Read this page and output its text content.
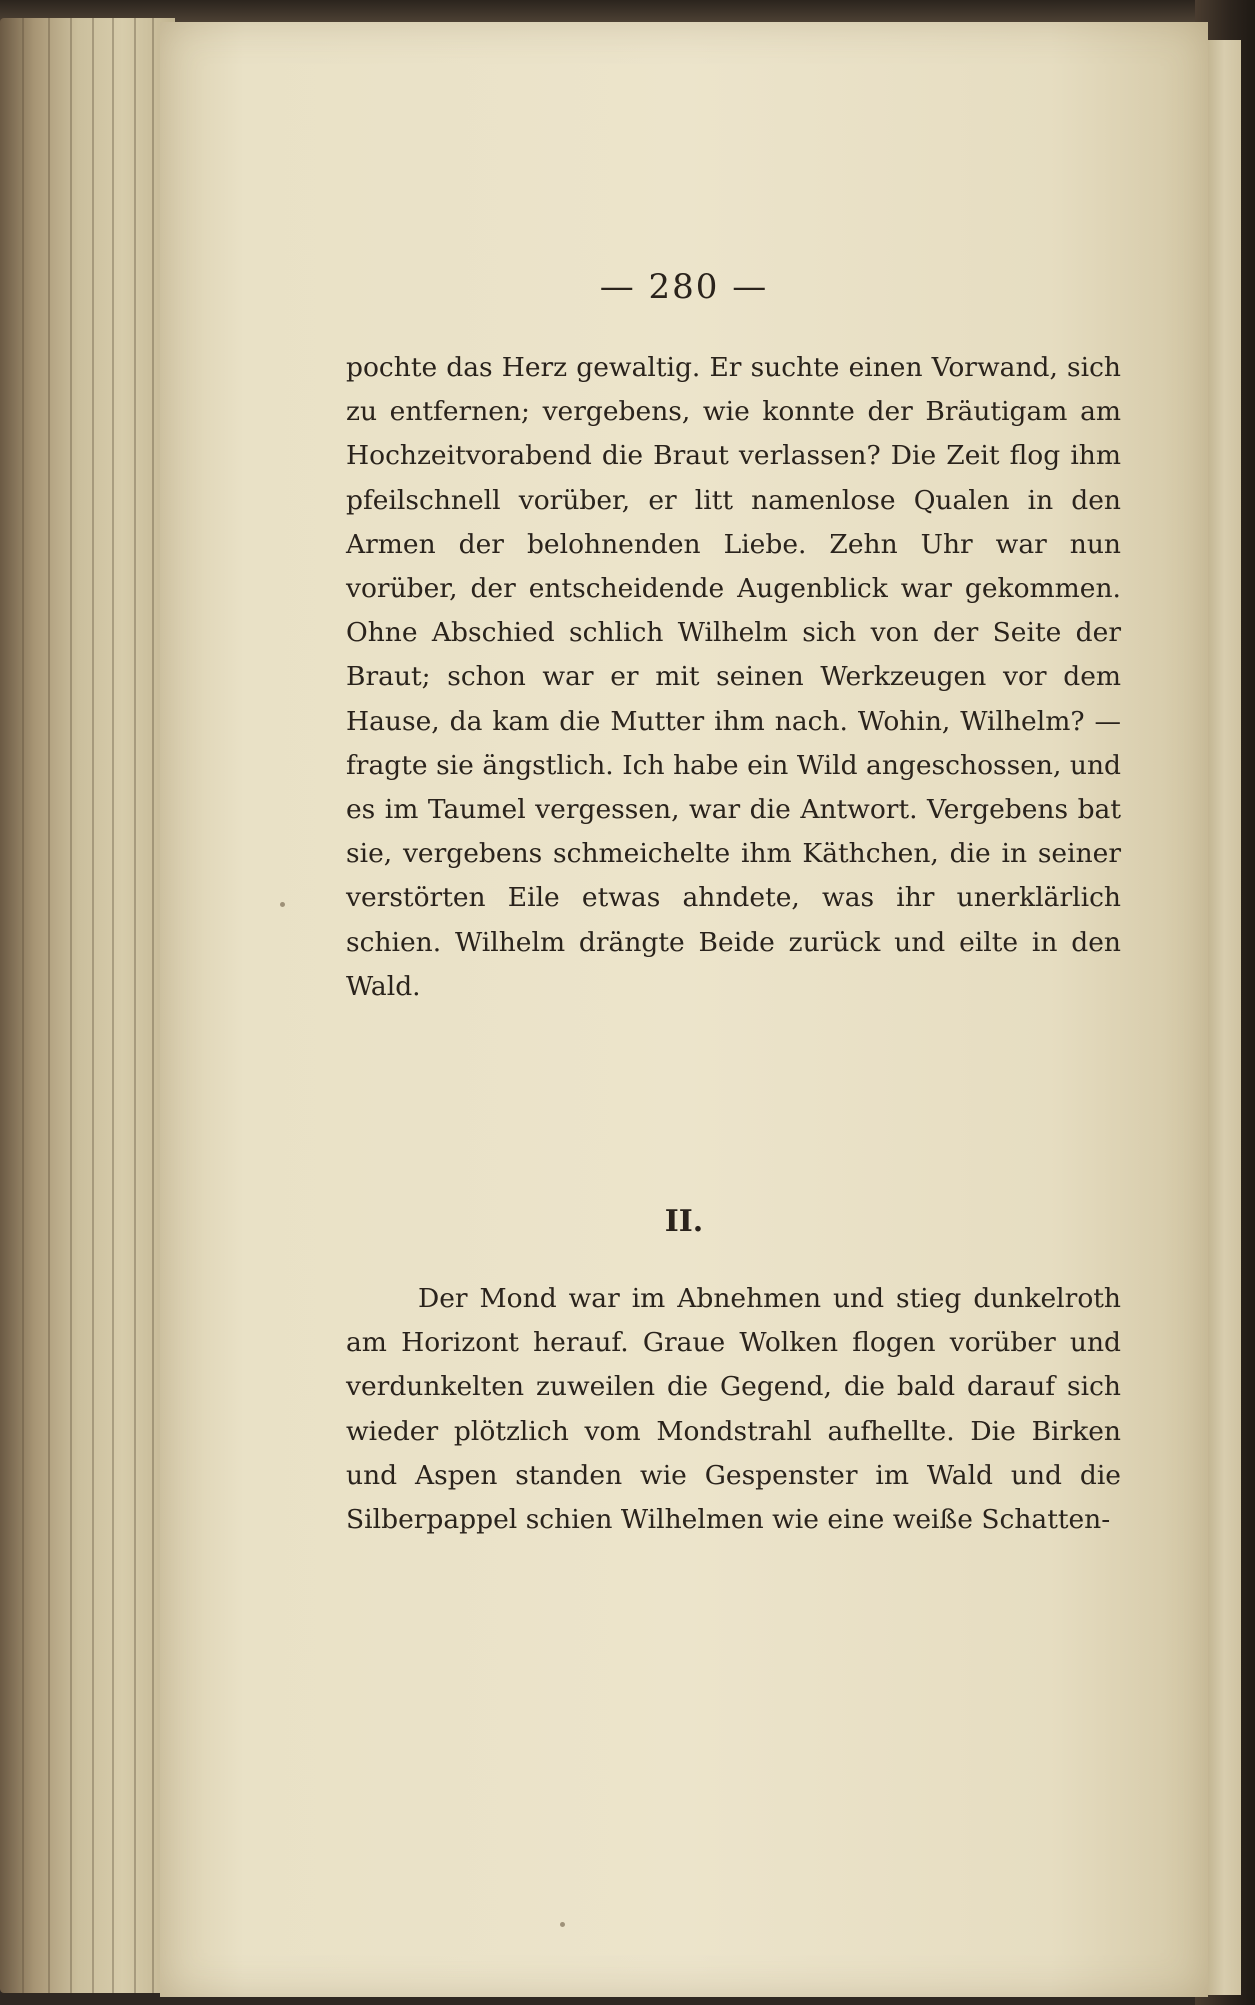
— 280 —

pochte das Herz gewaltig. Er suchte einen Vorwand, sich zu entfernen; vergebens, wie konnte der Bräutigam am Hochzeitvorabend die Braut verlassen? Die Zeit flog ihm pfeilschnell vorüber, er litt namenlose Qualen in den Armen der belohnenden Liebe. Zehn Uhr war nun vorüber, der entscheidende Augenblick war gekommen. Ohne Abschied schlich Wilhelm sich von der Seite der Braut; schon war er mit seinen Werkzeugen vor dem Hause, da kam die Mutter ihm nach. Wohin, Wilhelm? — fragte sie ängstlich. Ich habe ein Wild angeschossen, und es im Taumel vergessen, war die Antwort. Vergebens bat sie, vergebens schmeichelte ihm Käthchen, die in seiner verstörten Eile etwas ahndete, was ihr unerklärlich schien. Wilhelm drängte Beide zurück und eilte in den Wald.

II.

Der Mond war im Abnehmen und stieg dunkelroth am Horizont herauf. Graue Wolken flogen vorüber und verdunkelten zuweilen die Gegend, die bald darauf sich wieder plötzlich vom Mondstrahl aufhellte. Die Birken und Aspen standen wie Gespenster im Wald und die Silberpappel schien Wilhelmen wie eine weiße Schatten-
